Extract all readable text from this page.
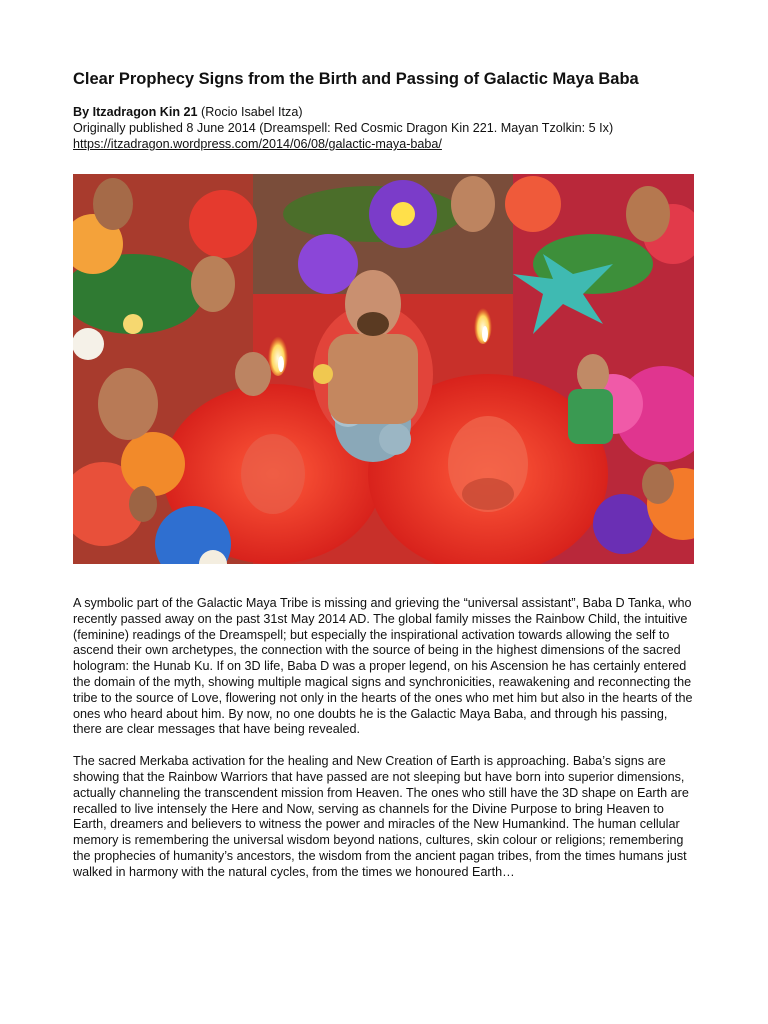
Clear Prophecy Signs from the Birth and Passing of Galactic Maya Baba
By Itzadragon Kin 21 (Rocio Isabel Itza)
Originally published 8 June 2014 (Dreamspell: Red Cosmic Dragon Kin 221. Mayan Tzolkin: 5 Ix)
https://itzadragon.wordpress.com/2014/06/08/galactic-maya-baba/

A symbolic part of the Galactic Maya Tribe is missing and grieving the “universal assistant”, Baba D Tanka, who recently passed away on the past 31st May 2014 AD. The global family misses the Rainbow Child, the intuitive (feminine) readings of the Dreamspell; but especially the inspirational activation towards allowing the self to ascend their own archetypes, the connection with the source of being in the highest dimensions of the sacred hologram: the Hunab Ku. If on 3D life, Baba D was a proper legend, on his Ascension he has certainly entered the domain of the myth, showing multiple magical signs and synchronicities, reawakening and reconnecting the tribe to the source of Love, flowering not only in the hearts of the ones who met him but also in the hearts of the ones who heard about him. By now, no one doubts he is the Galactic Maya Baba, and through his passing, there are clear messages that have being revealed.

The sacred Merkaba activation for the healing and New Creation of Earth is approaching. Baba’s signs are showing that the Rainbow Warriors that have passed are not sleeping but have born into superior dimensions, actually channeling the transcendent mission from Heaven. The ones who still have the 3D shape on Earth are recalled to live intensely the Here and Now, serving as channels for the Divine Purpose to bring Heaven to Earth, dreamers and believers to witness the power and miracles of the New Humankind. The human cellular memory is remembering the universal wisdom beyond nations, cultures, skin colour or religions; remembering the prophecies of humanity’s ancestors, the wisdom from the ancient pagan tribes, from the times humans just walked in harmony with the natural cycles, from the times we honoured Earth…
